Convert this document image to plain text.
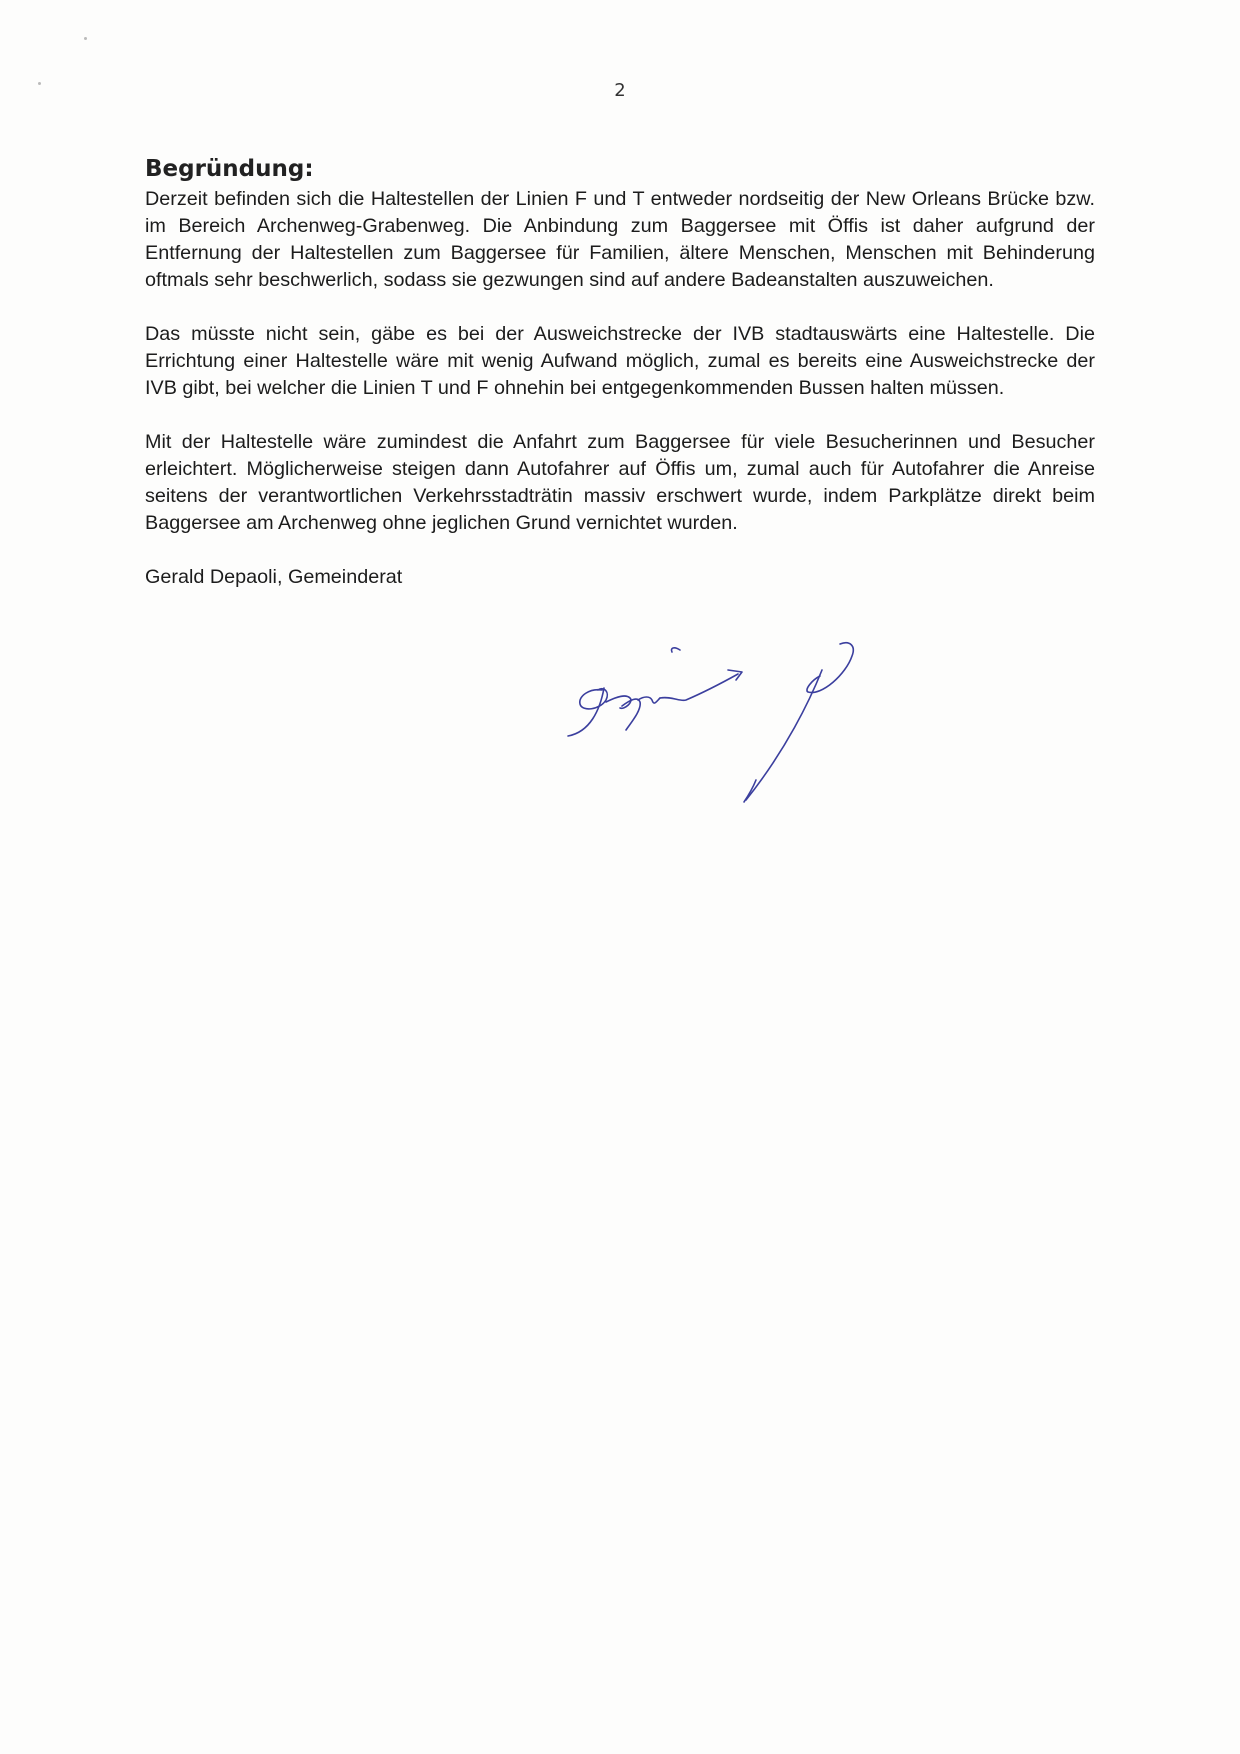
2
Begründung:

Derzeit befinden sich die Haltestellen der Linien F und T entweder nordseitig der New Orleans Brücke bzw. im Bereich Archenweg-Grabenweg. Die Anbindung zum Baggersee mit Öffis ist daher aufgrund der Entfernung der Haltestellen zum Baggersee für Familien, ältere Menschen, Menschen mit Behinderung oftmals sehr beschwerlich, sodass sie gezwungen sind auf andere Badeanstalten auszuweichen.

Das müsste nicht sein, gäbe es bei der Ausweichstrecke der IVB stadtauswärts eine Haltestelle. Die Errichtung einer Haltestelle wäre mit wenig Aufwand möglich, zumal es bereits eine Ausweichstrecke der IVB gibt, bei welcher die Linien T und F ohnehin bei entgegenkommenden Bussen halten müssen.

Mit der Haltestelle wäre zumindest die Anfahrt zum Baggersee für viele Besucherinnen und Besucher erleichtert. Möglicherweise steigen dann Autofahrer auf Öffis um, zumal auch für Autofahrer die Anreise seitens der verantwortlichen Verkehrsstadträtin massiv erschwert wurde, indem Parkplätze direkt beim Baggersee am Archenweg ohne jeglichen Grund vernichtet wurden.

Gerald Depaoli, Gemeinderat
